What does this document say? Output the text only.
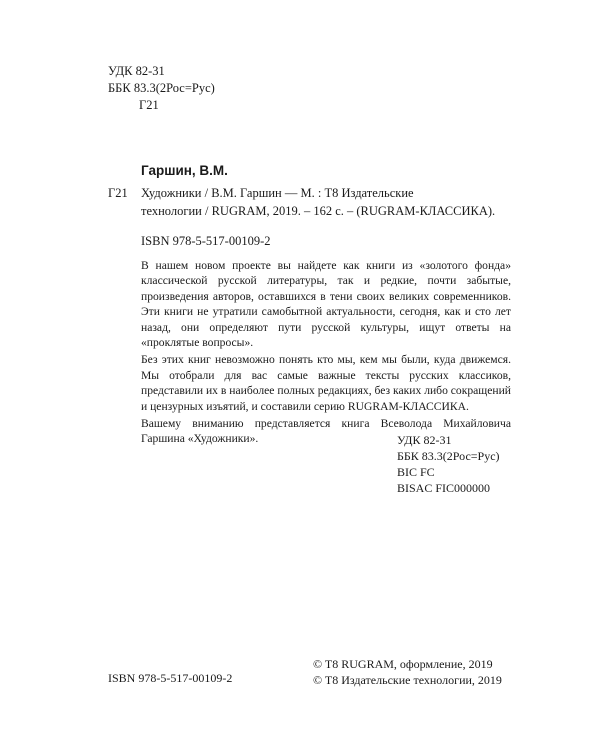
УДК 82-31
ББК 83.3(2Рос=Рус)
Г21
Гаршин, В.М.
Г21 Художники / В.М. Гаршин — М. : T8 Издательские
технологии / RUGRAM, 2019. – 162 с. – (RUGRAM-КЛАССИКА).
ISBN 978-5-517-00109-2

В нашем новом проекте вы найдете как книги из «золотого фонда» классической русской литературы, так и редкие, почти забытые, произведения авторов, оставшихся в тени своих великих современников. Эти книги не утратили самобытной актуальности, сегодня, как и сто лет назад, они определяют пути русской культуры, ищут ответы на «проклятые вопросы».

Без этих книг невозможно понять кто мы, кем мы были, куда движемся. Мы отобрали для вас самые важные тексты русских классиков, представили их в наиболее полных редакциях, без каких либо сокращений и цензурных изъятий, и составили серию RUGRAM-КЛАССИКА.

Вашему вниманию представляется книга Всеволода Михайловича Гаршина «Художники».	УДК 82-31
ББК 83.3(2Рос=Рус)
BIC FC
BISAC FIC000000
ISBN 978-5-517-00109-2
© T8 RUGRAM, оформление, 2019
© T8 Издательские технологии, 2019
